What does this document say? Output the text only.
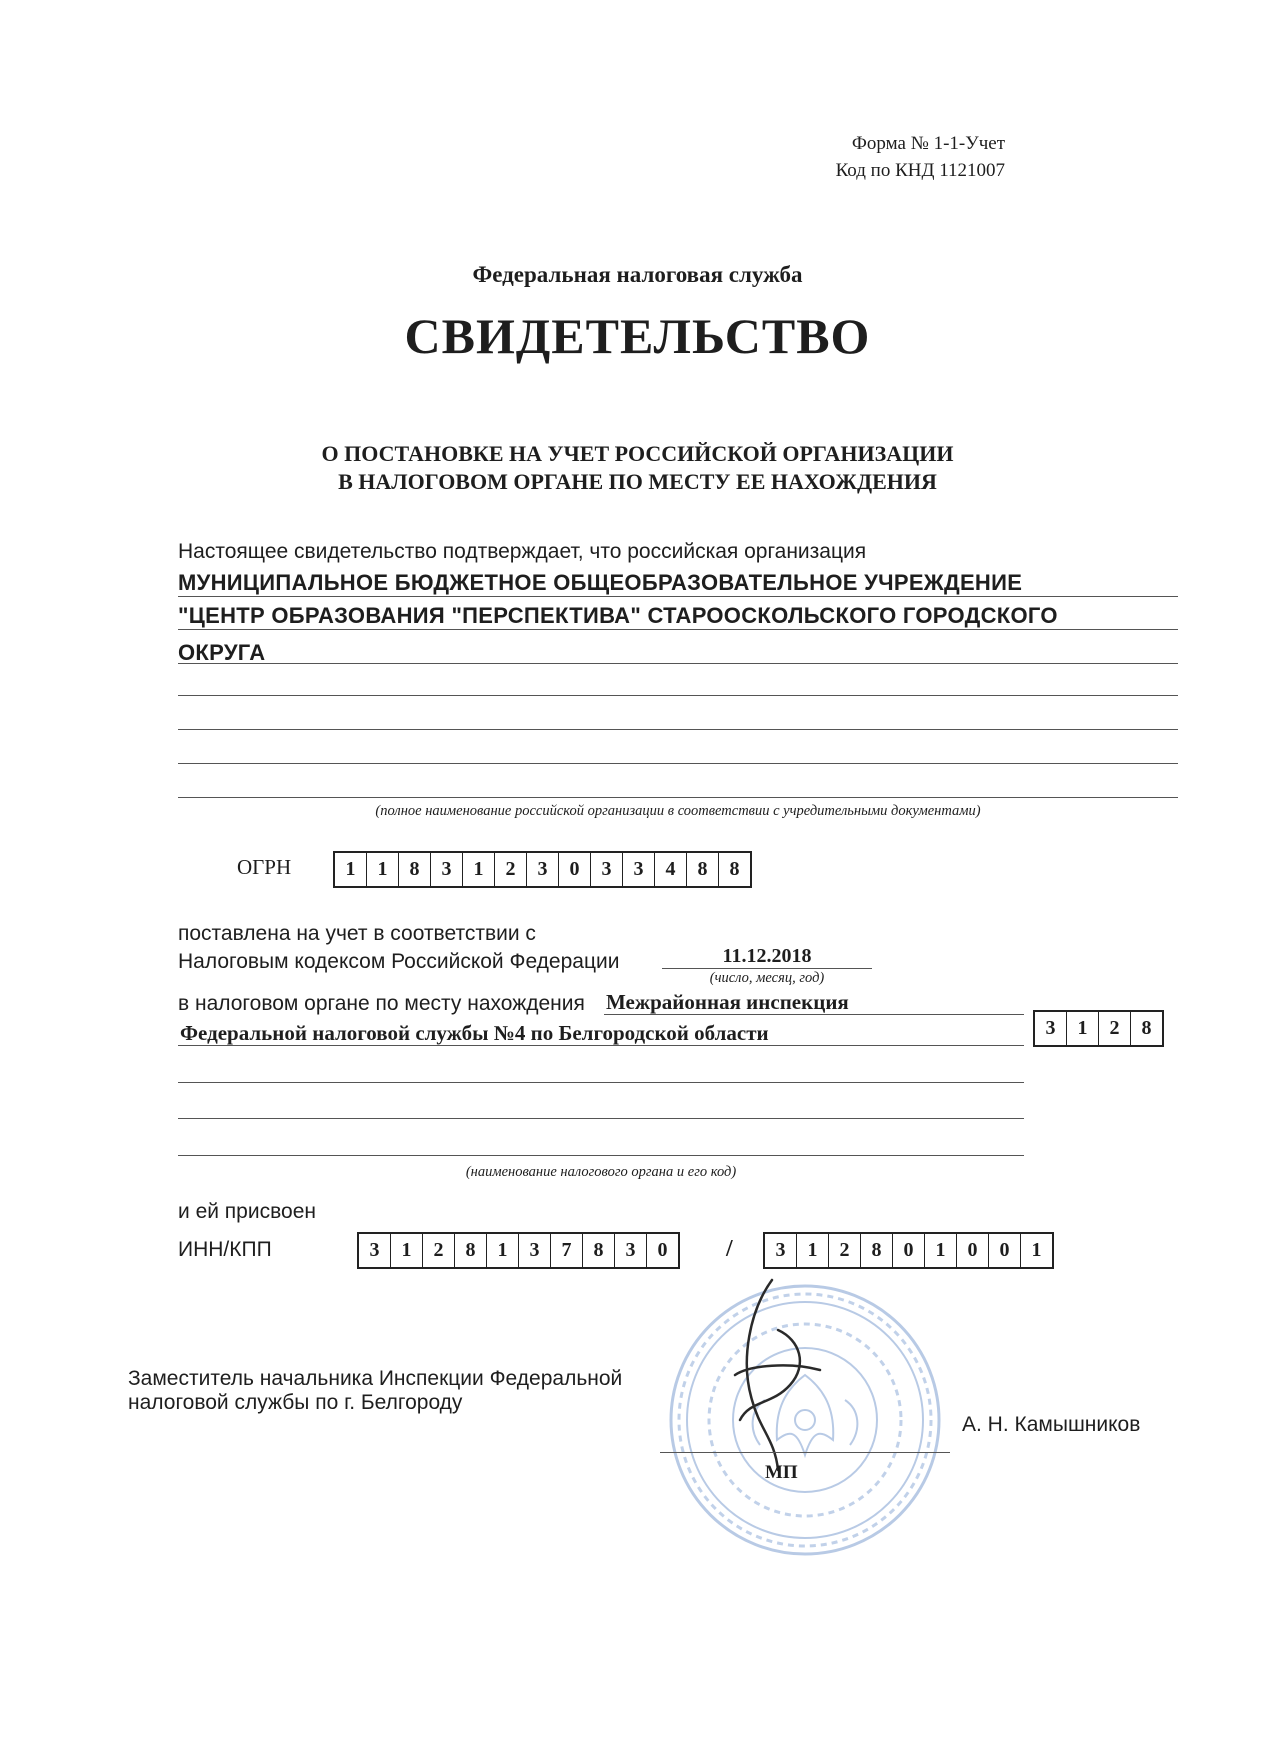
Форма № 1-1-Учет
Код по КНД 1121007
Федеральная налоговая служба
СВИДЕТЕЛЬСТВО
О ПОСТАНОВКЕ НА УЧЕТ РОССИЙСКОЙ ОРГАНИЗАЦИИ
В НАЛОГОВОМ ОРГАНЕ ПО МЕСТУ ЕЕ НАХОЖДЕНИЯ
Настоящее свидетельство подтверждает, что российская организация
МУНИЦИПАЛЬНОЕ БЮДЖЕТНОЕ ОБЩЕОБРАЗОВАТЕЛЬНОЕ УЧРЕЖДЕНИЕ
"ЦЕНТР ОБРАЗОВАНИЯ "ПЕРСПЕКТИВА" СТАРООСКОЛЬСКОГО ГОРОДСКОГО
ОКРУГА
(полное наименование российской организации в соответствии с учредительными документами)
ОГРН	1	1	8	3	1	2	3	0	3	3	4	8	8
поставлена на учет в соответствии с
Налоговым кодексом Российской Федерации	11.12.2018
(число, месяц, год)
в налоговом органе по месту нахождения Межрайонная инспекция
Федеральной налоговой службы №4 по Белгородской области	3	1	2	8
(наименование налогового органа и его код)
и ей присвоен
ИНН/КПП	3	1	2	8	1	3	7	8	3	0	/	3	1	2	8	0	1	0	0	1
Заместитель начальника Инспекции Федеральной
налоговой службы по г. Белгороду
А. Н. Камышников
МП
